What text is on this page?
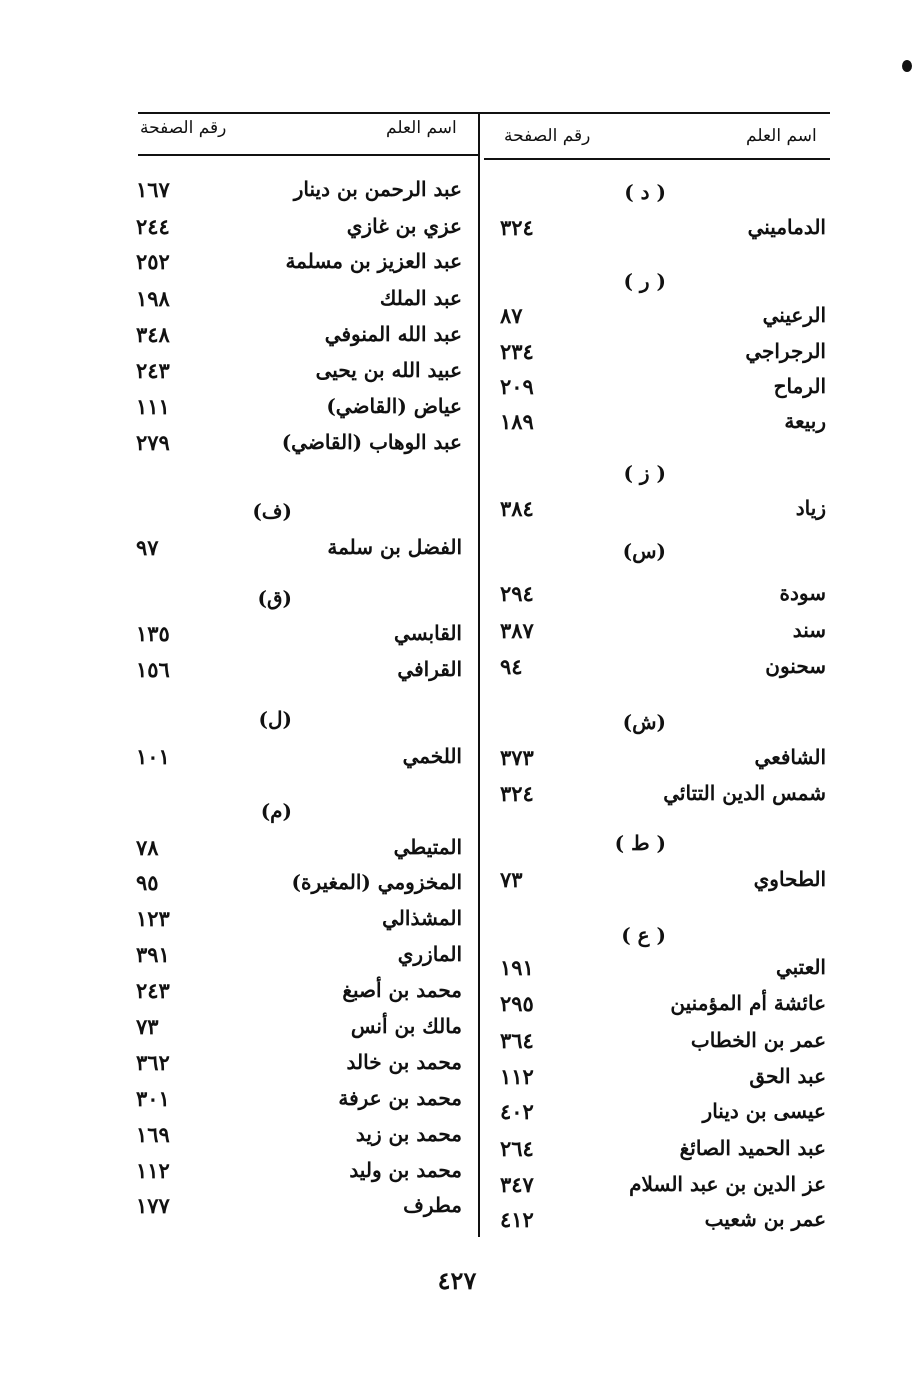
اسم العلم
رقم الصفحة
اسم العلم
رقم الصفحة
( د )
الدماميني
٣٢٤
( ر )
الرعيني
٨٧
الرجراجي
٢٣٤
الرماح
٢٠٩
ربيعة
١٨٩
( ز )
زياد
٣٨٤
(س)
سودة
٢٩٤
سند
٣٨٧
سحنون
٩٤
(ش)
الشافعي
٣٧٣
شمس الدين التتائي
٣٢٤
( ط )
الطحاوي
٧٣
( ع )
العتبي
١٩١
عائشة أم المؤمنين
٢٩٥
عمر بن الخطاب
٣٦٤
عبد الحق
١١٢
عيسى بن دينار
٤٠٢
عبد الحميد الصائغ
٢٦٤
عز الدين بن عبد السلام
٣٤٧
عمر بن شعيب
٤١٢
عبد الرحمن بن دينار
١٦٧
عزي بن غازي
٢٤٤
عبد العزيز بن مسلمة
٢٥٢
عبد الملك
١٩٨
عبد الله المنوفي
٣٤٨
عبيد الله بن يحيى
٢٤٣
عياض (القاضي)
١١١
عبد الوهاب (القاضي)
٢٧٩
(ف)
الفضل بن سلمة
٩٧
(ق)
القابسي
١٣٥
القرافي
١٥٦
(ل)
اللخمي
١٠١
(م)
المتيطي
٧٨
المخزومي (المغيرة)
٩٥
المشذالي
١٢٣
المازري
٣٩١
محمد بن أصبغ
٢٤٣
مالك بن أنس
٧٣
محمد بن خالد
٣٦٢
محمد بن عرفة
٣٠١
محمد بن زيد
١٦٩
محمد بن وليد
١١٢
مطرف
١٧٧
٤٢٧
